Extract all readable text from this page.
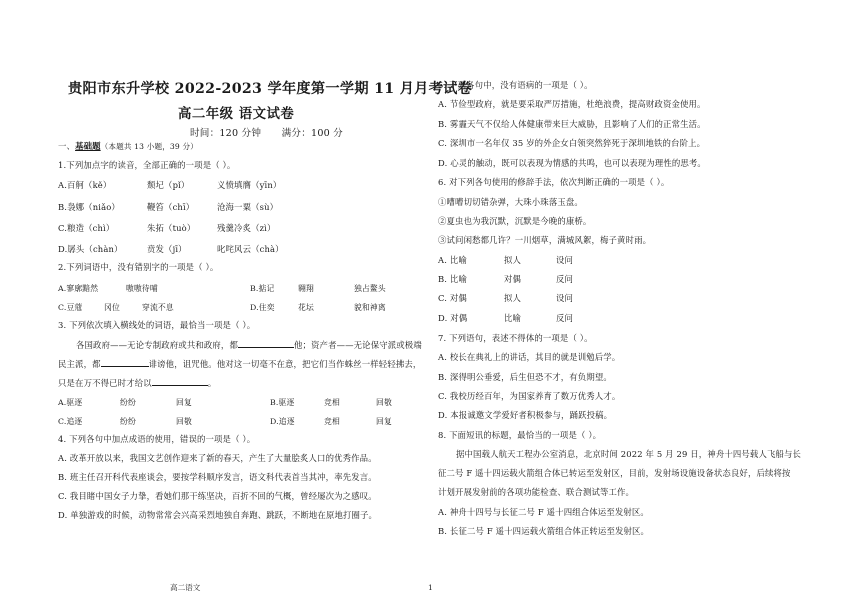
贵阳市东升学校 2022-2023 学年度第一学期 11 月月考试卷
高二年级 语文试卷
时间：120 分钟 满分：100 分
一、基础题（本题共 13 小题，39 分）
1.下列加点字的读音，全部正确的一项是（ ）。
A.百舸（kě）	颓圮（pǐ）	义愤填膺（yīn）
B.袅娜（niǎo）	鞭笞（chī）	沧海一粟（sù）
C.粮造（chì）	朱拓（tuò）	残羹冷炙（zì）
D.孱头（chàn）	贲发（jī）	叱咤风云（chà）
2.下列词语中，没有错别字的一项是（ ）。
A.寥廓黯然	嗷嗷待哺	B.掂记	翱翔	独占鳌头
C.豆蔻	冈位	穿流不息	D.住奕	花坛	貌和神离
3. 下列依次填入横线处的词语，最恰当一项是（ ）。
各国政府——无论专制政府或共和政府，都	他；资产者——无论保守派或极端
民主派，都	诽谤他，诅咒他。他对这一切毫不在意，把它们当作蛛丝一样轻轻拂去，
只是在万不得已时才给以	。
A.驱逐	纷纷	回复	B.驱逐	竞相	回敬
C.追逐	纷纷	回敬	D.追逐	竞相	回复
4. 下列各句中加点成语的使用，错误的一项是（ ）。
A. 改革开放以来，我国文艺创作迎来了新的春天，产生了大量脍炙人口的优秀作品。
B. 班主任召开科代表座谈会，要按学科顺序发言，语文科代表首当其冲，率先发言。
C. 我目睹中国女子力挚，看她们那干练坚决，百折不回的气概，曾经屡次为之感叹。
D. 单独游戏的时候，动物常常会兴高采烈地独自奔跑、跳跃，不断地在原地打圈子。
5. 下列各句中，没有语病的一项是（ ）。
A. 节俭型政府，就是要采取严厉措施，杜绝浪费，提高财政资金使用。
B. 雾霾天气不仅给人体健康带来巨大威胁，且影响了人们的正常生活。
C. 深圳市一名年仅 35 岁的外企女白领突然猝死于深圳地铁的台阶上。
D. 心灵的触动，既可以表现为情感的共鸣，也可以表现为理性的思考。
6. 对下列各句使用的修辞手法，依次判断正确的一项是（ ）。
①嘈嘈切切错杂弹，大珠小珠落玉盘。
②夏虫也为我沉默，沉默是今晚的康桥。
③试问闲愁都几许？一川烟草，满城风絮，梅子黄时雨。
A. 比喻	拟人	设问
B. 比喻	对偶	反问
C. 对偶	拟人	设问
D. 对偶	比喻	反问
7. 下列语句，表述不得体的一项是（ ）。
A. 校长在典礼上的讲话，其目的就是训勉后学。
B. 深得明公垂爱，后生但恐不才，有负期望。
C. 我校历经百年，为国家养育了数万优秀人才。
D. 本报诚邀文学爱好者积极参与，踊跃投稿。
8. 下面短讯的标题，最恰当的一项是（ ）。
据中国载人航天工程办公室消息，北京时间 2022 年 5 月 29 日，神舟十四号载人飞船与长
征二号 F 遥十四运载火箭组合体已转运至发射区，目前，发射场设施设备状态良好，后续将按
计划开展发射前的各项功能检查、联合测试等工作。
A. 神舟十四号与长征二号 F 遥十四组合体运至发射区。
B. 长征二号 F 遥十四运载火箭组合体正转运至发射区。
高二语文	1
